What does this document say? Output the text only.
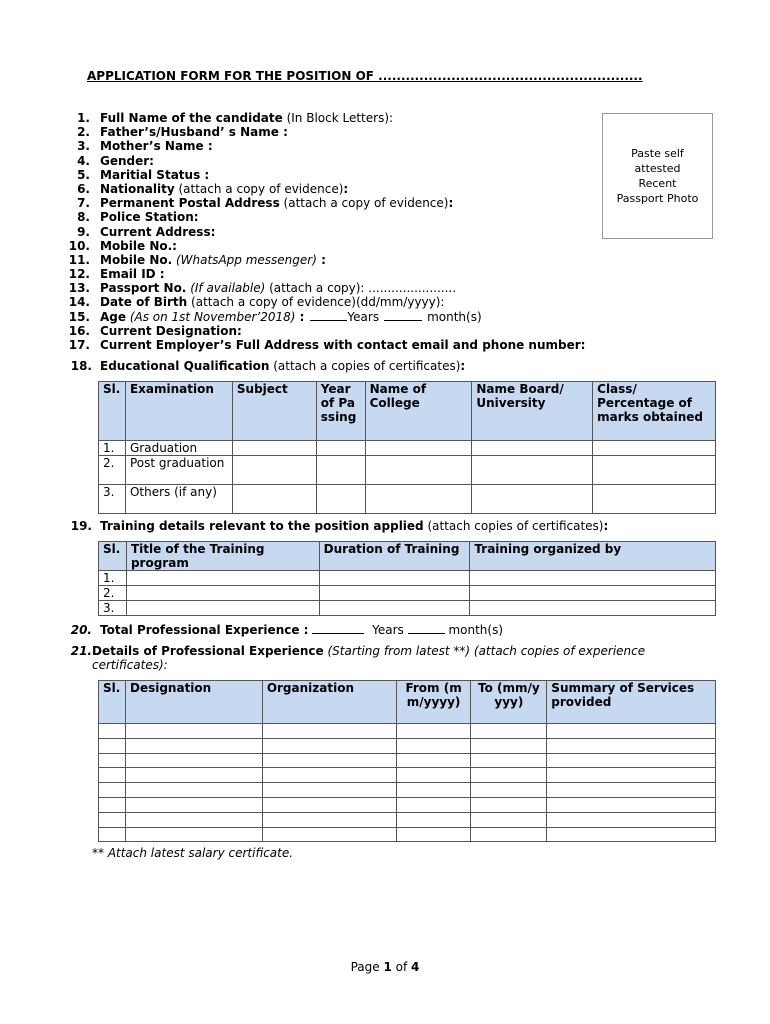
APPLICATION FORM FOR THE POSITION OF ..........................................................
Paste self
attested
Recent
Passport Photo
1. Full Name of the candidate (In Block Letters):
2. Father’s/Husband’ s Name :
3. Mother’s Name :
4. Gender:
5. Maritial Status :
6. Nationality (attach a copy of evidence):
7. Permanent Postal Address (attach a copy of evidence):
8. Police Station:
9. Current Address:
10. Mobile No.:
11. Mobile No. (WhatsApp messenger) :
12. Email ID :
13. Passport No. (If available) (attach a copy): .......................
14. Date of Birth (attach a copy of evidence)(dd/mm/yyyy):
15. Age (As on 1st November’2018) :	Years	month(s)
16. Current Designation:
17. Current Employer’s Full Address with contact email and phone number:
18. Educational Qualification (attach a copies of certificates):
Sl.	Examination	Subject	Year of Passing	Name of College	Name Board/ University	Class/ Percentage of marks obtained
1.	Graduation					
2.	Post graduation					
3.	Others (if any)					
19. Training details relevant to the position applied (attach copies of certificates):
Sl.	Title of the Training program	Duration of Training	Training organized by
1.			
2.			
3.			
20. Total Professional Experience :	Years	month(s)
21. Details of Professional Experience (Starting from latest **) (attach copies of experience certificates):
Sl.	Designation	Organization	From (mm/yyyy)	To (mm/yyyy)	Summary of Services provided

** Attach latest salary certificate.
Page 1 of 4
